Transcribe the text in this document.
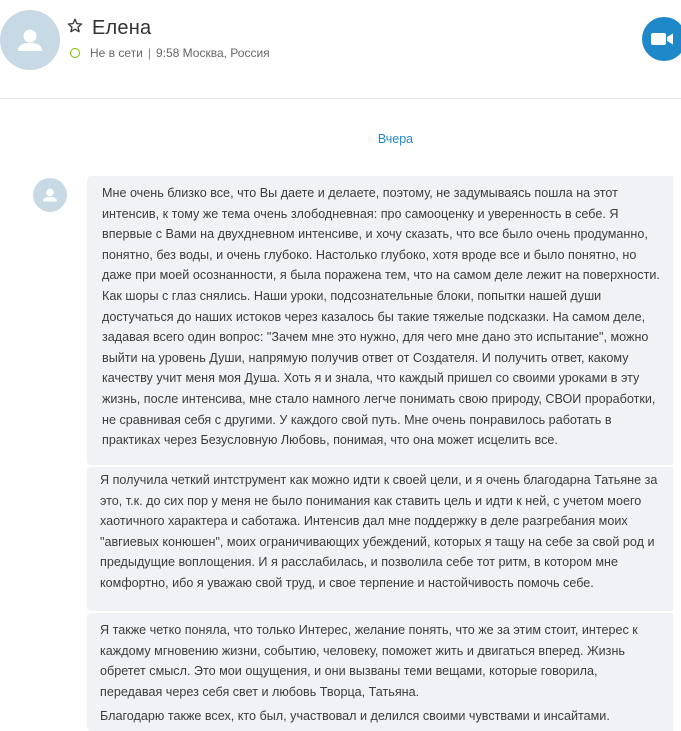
Елена
Не в сети | 9:58 Москва, Россия
Вчера

Мне очень близко все, что Вы даете и делаете, поэтому, не задумываясь пошла на этот интенсив, к тому же тема очень злободневная: про самооценку и уверенность в себе. Я впервые с Вами на двухдневном интенсиве, и хочу сказать, что все было очень продуманно, понятно, без воды, и очень глубоко. Настолько глубоко, хотя вроде все и было понятно, но даже при моей осознанности, я была поражена тем, что на самом деле лежит на поверхности. Как шоры с глаз снялись. Наши уроки, подсознательные блоки, попытки нашей души достучаться до наших истоков через казалось бы такие тяжелые подсказки. На самом деле, задавая всего один вопрос: "Зачем мне это нужно, для чего мне дано это испытание", можно выйти на уровень Души, напрямую получив ответ от Создателя. И получить ответ, какому качеству учит меня моя Душа. Хоть я и знала, что каждый пришел со своими уроками в эту жизнь, после интенсива, мне стало намного легче понимать свою природу, СВОИ проработки, не сравнивая себя с другими. У каждого свой путь. Мне очень понравилось работать в практиках через Безусловную Любовь, понимая, что она может исцелить все.

Я получила четкий интструмент как можно идти к своей цели, и я очень благодарна Татьяне за это, т.к. до сих пор у меня не было понимания как ставить цель и идти к ней, с учетом моего хаотичного характера и саботажа. Интенсив дал мне поддержку в деле разгребания моих "авгиевых конюшен", моих ограничивающих убеждений, которых я тащу на себе за свой род и предыдущие воплощения. И я расслабилась, и позволила себе тот ритм, в котором мне комфортно, ибо я уважаю свой труд, и свое терпение и настойчивость помочь себе.

Я также четко поняла, что только Интерес, желание понять, что же за этим стоит, интерес к каждому мгновению жизни, событию, человеку, поможет жить и двигаться вперед. Жизнь обретет смысл. Это мои ощущения, и они вызваны теми вещами, которые говорила, передавая через себя свет и любовь Творца, Татьяна.

Благодарю также всех, кто был, участвовал и делился своими чувствами и инсайтами.
